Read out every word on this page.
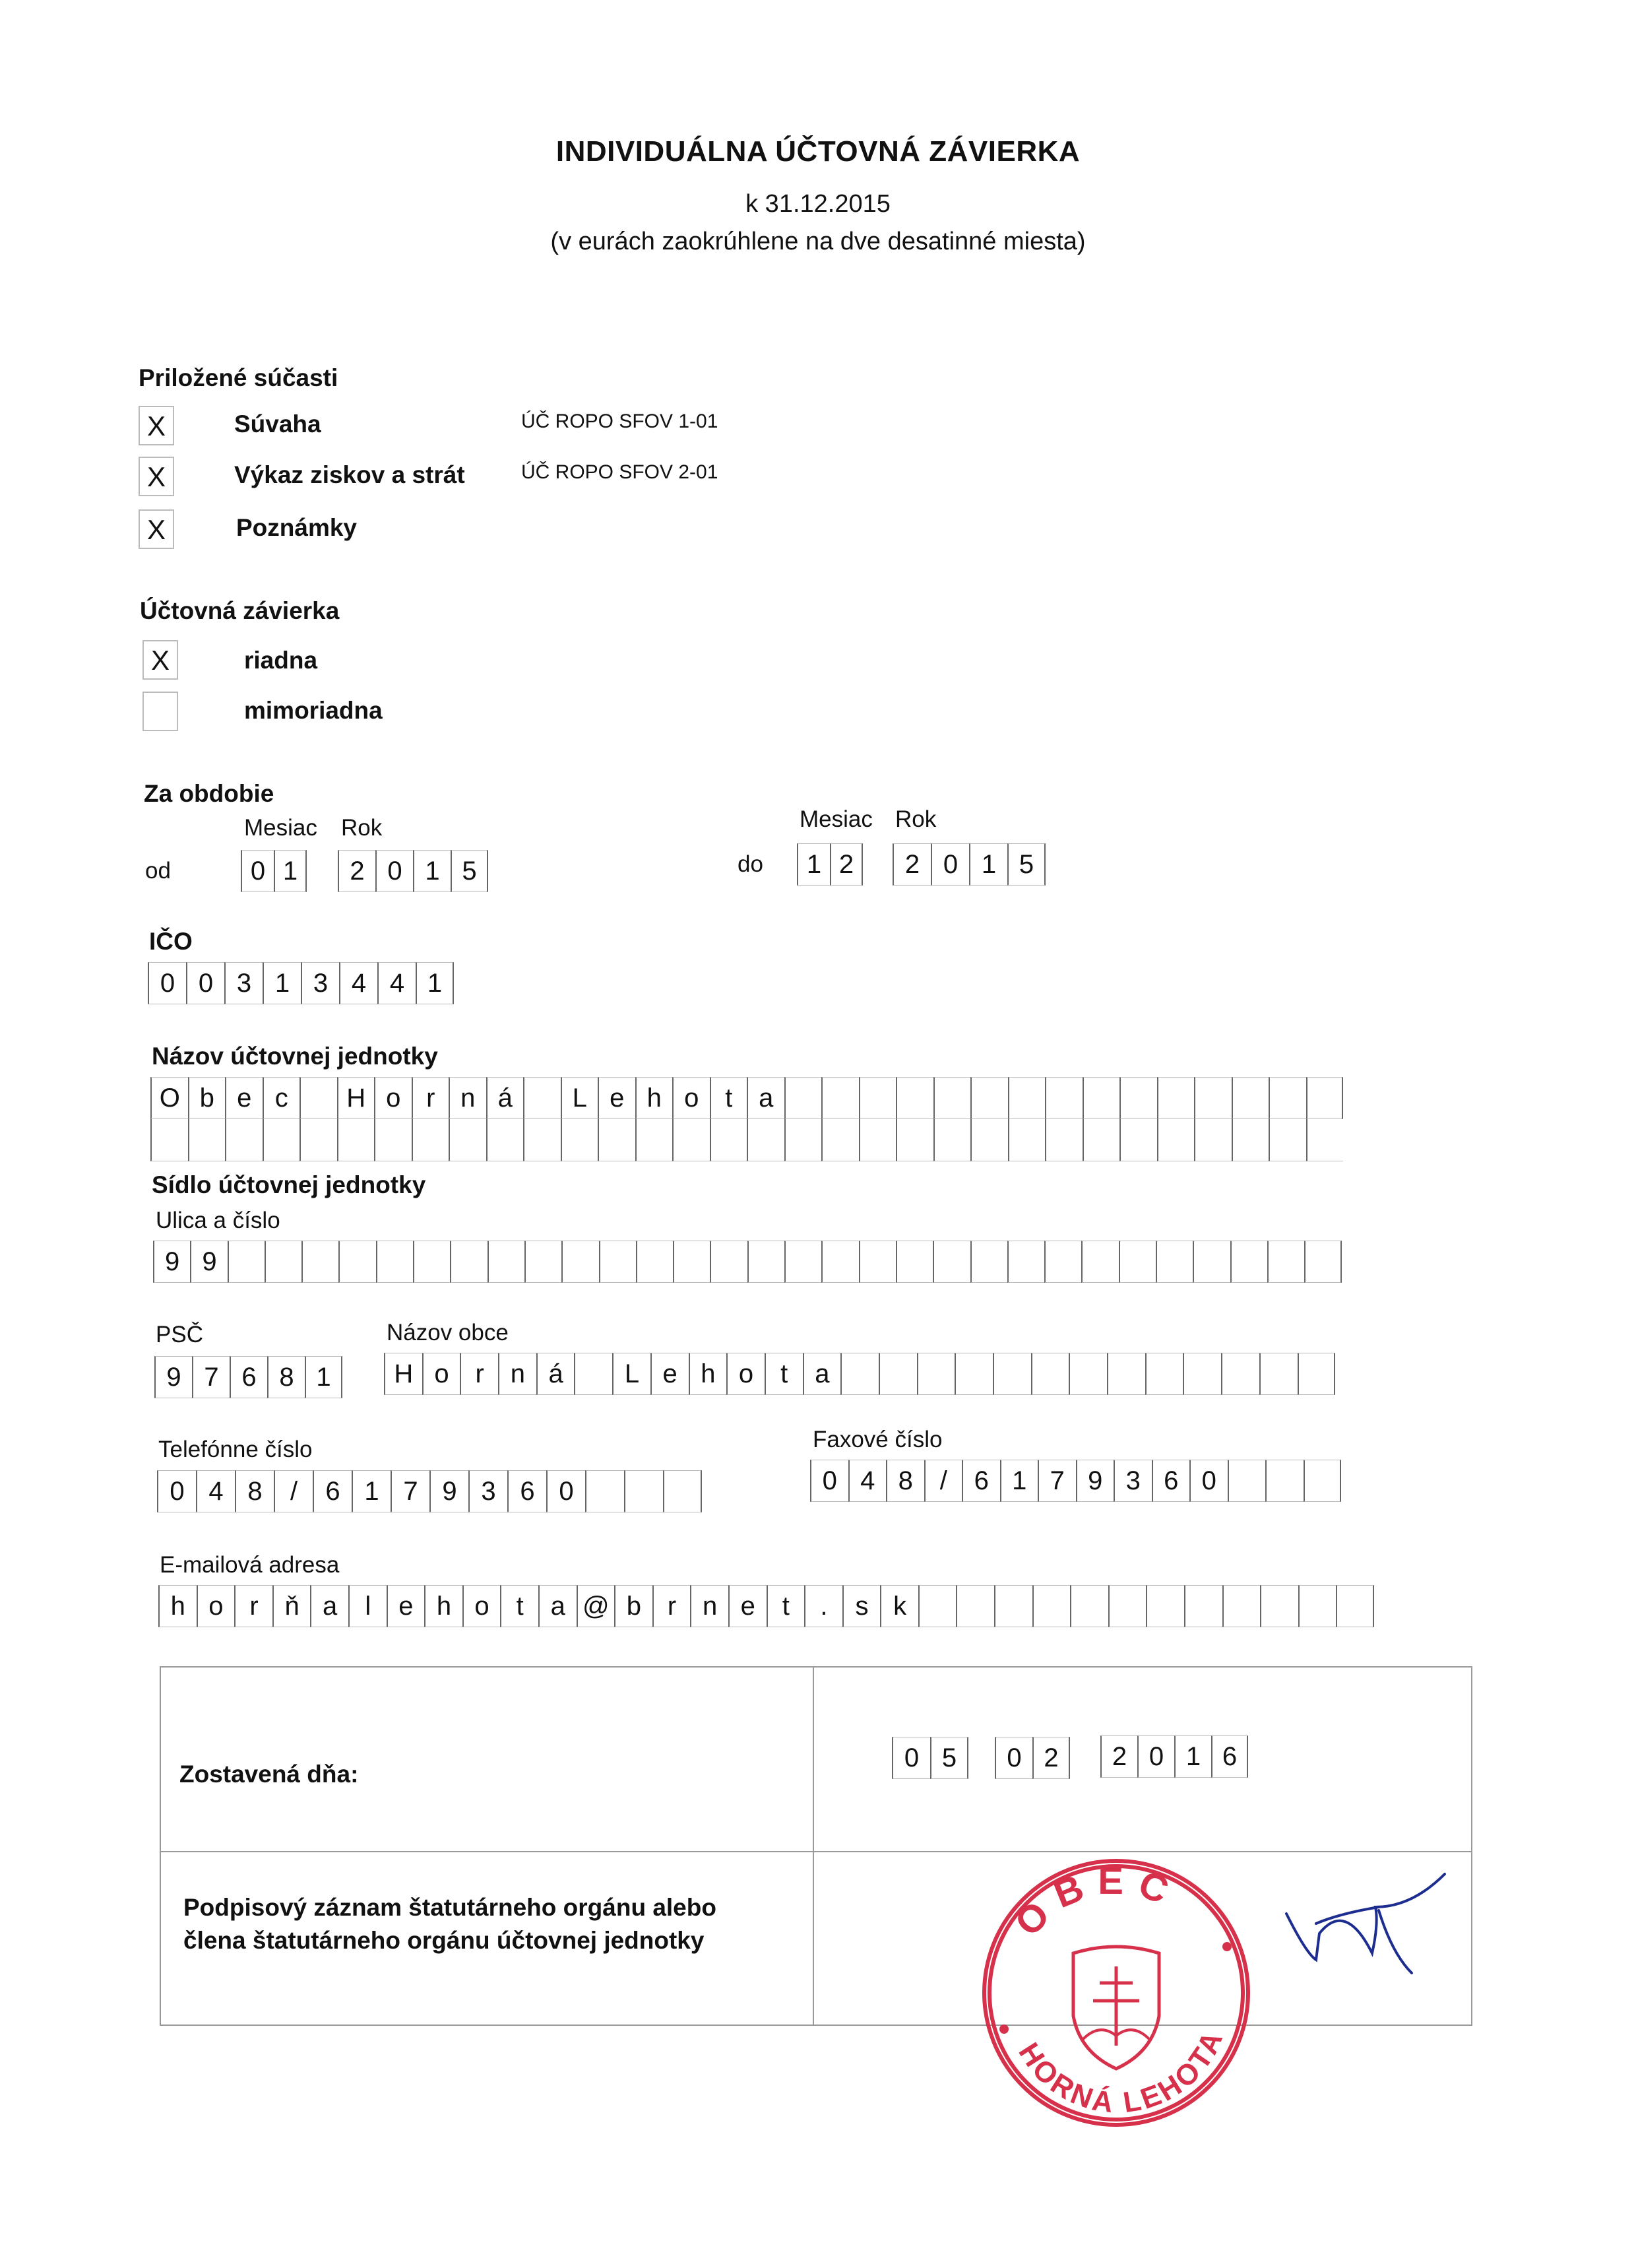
INDIVIDUÁLNA ÚČTOVNÁ ZÁVIERKA
k 31.12.2015
(v eurách zaokrúhlene na dve desatinné miesta)
Priložené súčasti
X	Súvaha	ÚČ ROPO SFOV 1-01
X	Výkaz ziskov a strát	ÚČ ROPO SFOV 2-01
X	Poznámky
Účtovná závierka
X	riadna
mimoriadna
Za obdobie
Mesiac Rok
od	0 1	2 0 1 5
Mesiac Rok
do	1 2	2 0 1 5
IČO
0 0 3 1 3 4 4 1
Názov účtovnej jednotky
O b e c	H o r n á	L e h o t a
Sídlo účtovnej jednotky
Ulica a číslo
9 9
PSČ
9 7 6 8 1
Názov obce
H o r n á	L e h o	t	a
Telefónne číslo
0 4 8	/	6 1 7 9 3 6 0
Faxové číslo
0 4 8	/	6 1 7 9 3 6 0
E-mailová adresa
h o r ň a	l	e h o	t	a @ b r n e	t	.	s k
Zostavená dňa:
0 5	0 2	2 0 1 6
Podpisový záznam štatutárneho orgánu alebo
člena štatutárneho orgánu účtovnej jednotky	OBEC
HORNÁ LEHOTA
